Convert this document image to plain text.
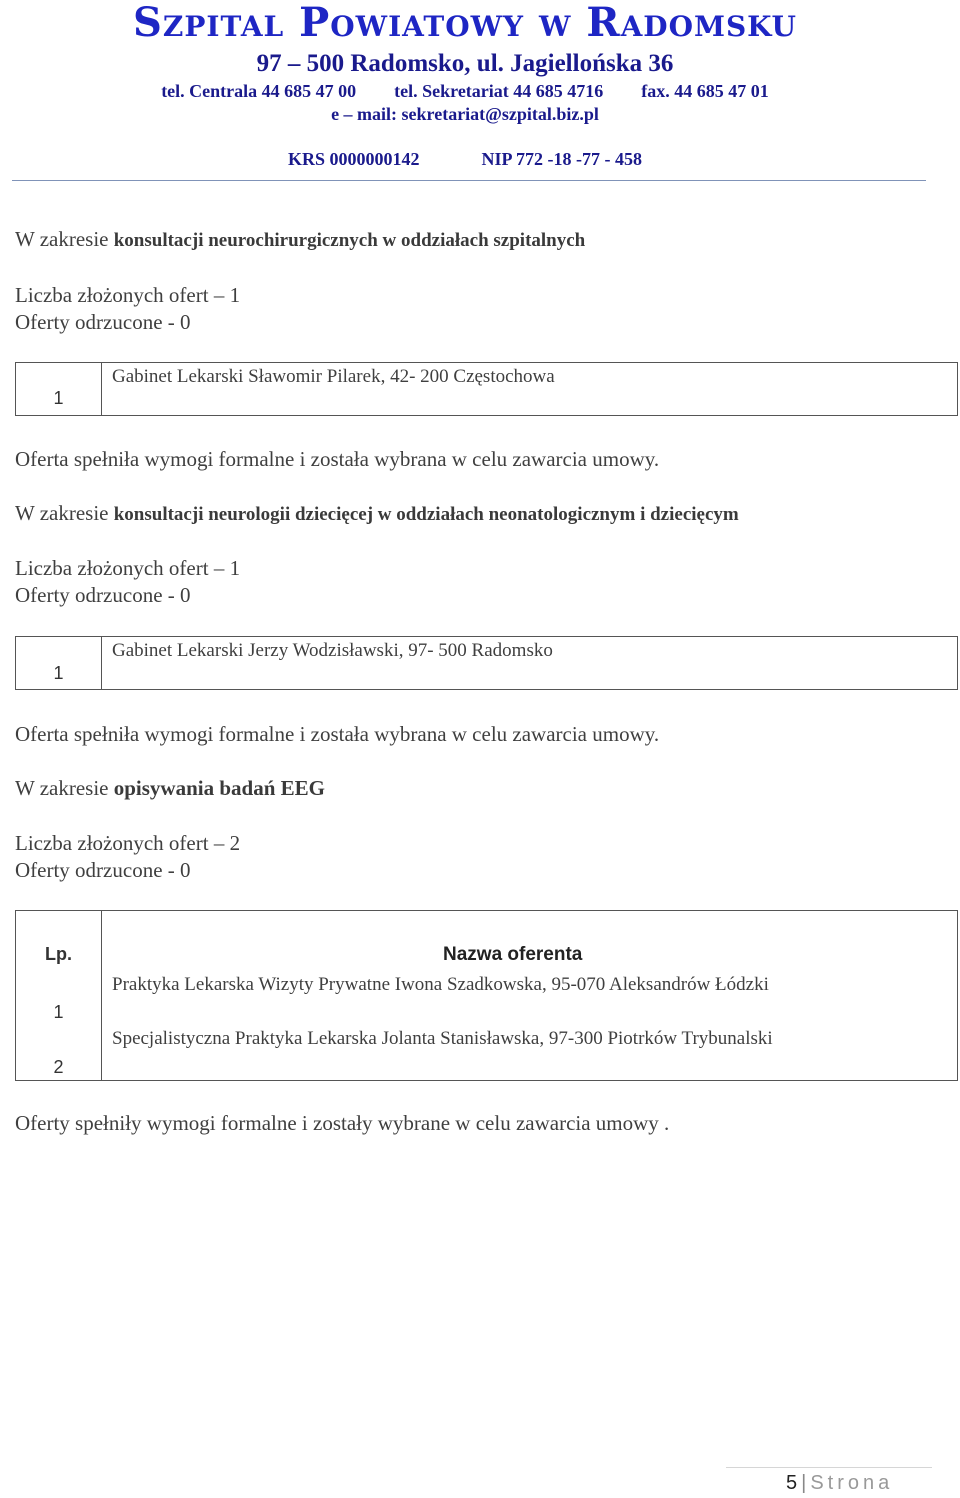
Szpital Powiatowy w Radomsku
97 – 500 Radomsko, ul. Jagiellońska 36
tel. Centrala 44 685 47 00 tel. Sekretariat 44 685 4716 fax. 44 685 47 01
e – mail: sekretariat@szpital.biz.pl
KRS 0000000142	NIP 772 -18 -77 - 458
W zakresie konsultacji neurochirurgicznych w oddziałach szpitalnych
Liczba złożonych ofert – 1
Oferty odrzucone - 0
1
Gabinet Lekarski Sławomir Pilarek, 42- 200 Częstochowa
Oferta spełniła wymogi formalne i została wybrana w celu zawarcia umowy.
W zakresie konsultacji neurologii dziecięcej w oddziałach neonatologicznym i dziecięcym
Liczba złożonych ofert – 1
Oferty odrzucone - 0
1
Gabinet Lekarski Jerzy Wodzisławski, 97- 500 Radomsko
Oferta spełniła wymogi formalne i została wybrana w celu zawarcia umowy.
W zakresie opisywania badań EEG
Liczba złożonych ofert – 2
Oferty odrzucone - 0
Lp.
1
2
Nazwa oferenta
Praktyka Lekarska Wizyty Prywatne Iwona Szadkowska, 95-070 Aleksandrów Łódzki
Specjalistyczna Praktyka Lekarska Jolanta Stanisławska, 97-300 Piotrków Trybunalski
Oferty spełniły wymogi formalne i zostały wybrane w celu zawarcia umowy .
5 | Strona
